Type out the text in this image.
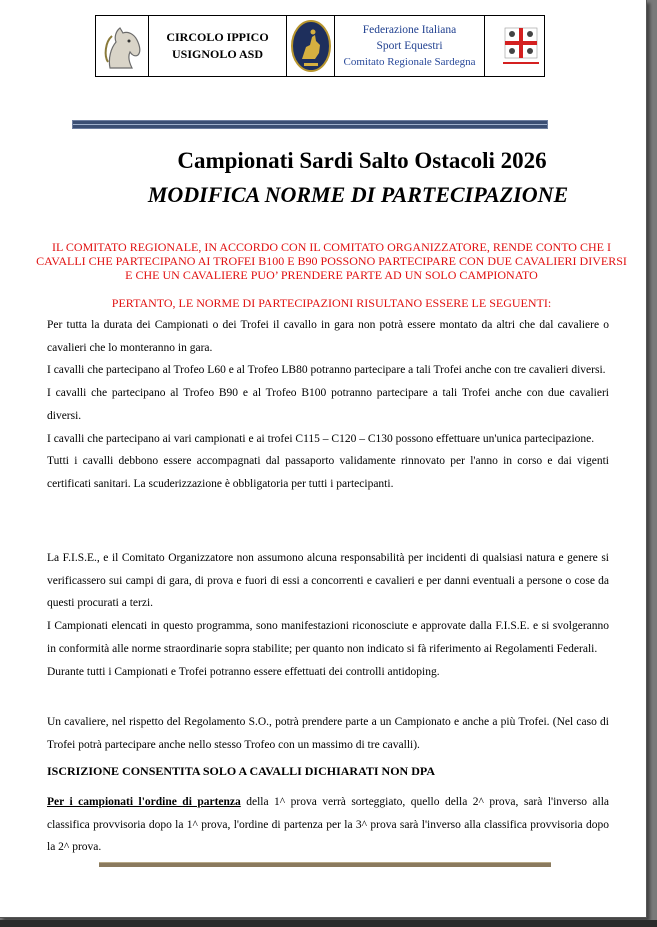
CIRCOLO IPPICO
USIGNOLO ASD
Federazione Italiana
Sport Equestri
Comitato Regionale Sardegna
Campionati Sardi Salto Ostacoli 2026
MODIFICA NORME DI PARTECIPAZIONE
IL COMITATO REGIONALE, IN ACCORDO CON IL COMITATO ORGANIZZATORE, RENDE CONTO CHE I CAVALLI CHE PARTECIPANO AI TROFEI B100 E B90 POSSONO PARTECIPARE CON DUE CAVALIERI DIVERSI E CHE UN CAVALIERE PUO’ PRENDERE PARTE AD UN SOLO CAMPIONATO
PERTANTO, LE NORME DI PARTECIPAZIONI RISULTANO ESSERE LE SEGUENTI:

Per tutta la durata dei Campionati o dei Trofei il cavallo in gara non potrà essere montato da altri che dal cavaliere o cavalieri che lo monteranno in gara.

I cavalli che partecipano al Trofeo L60 e al Trofeo LB80 potranno partecipare a tali Trofei anche con tre cavalieri diversi.

I cavalli che partecipano al Trofeo B90 e al Trofeo B100 potranno partecipare a tali Trofei anche con due cavalieri diversi.

I cavalli che partecipano ai vari campionati e ai trofei C115 – C120 – C130 possono effettuare un'unica partecipazione.

Tutti i cavalli debbono essere accompagnati dal passaporto validamente rinnovato per l'anno in corso e dai vigenti certificati sanitari. La scuderizzazione è obbligatoria per tutti i partecipanti.

La F.I.S.E., e il Comitato Organizzatore non assumono alcuna responsabilità per incidenti di qualsiasi natura e genere si verificassero sui campi di gara, di prova e fuori di essi a concorrenti e cavalieri e per danni eventuali a persone o cose da questi procurati a terzi.

I Campionati elencati in questo programma, sono manifestazioni riconosciute e approvate dalla F.I.S.E. e si svolgeranno in conformità alle norme straordinarie sopra stabilite; per quanto non indicato si fà riferimento ai Regolamenti Federali.

Durante tutti i Campionati e Trofei potranno essere effettuati dei controlli antidoping.

Un cavaliere, nel rispetto del Regolamento S.O., potrà prendere parte a un Campionato e anche a più Trofei. (Nel caso di Trofei potrà partecipare anche nello stesso Trofeo con un massimo di tre cavalli).
ISCRIZIONE CONSENTITA SOLO A CAVALLI DICHIARATI NON DPA
Per i campionati l'ordine di partenza della 1^ prova verrà sorteggiato, quello della 2^ prova, sarà l'inverso alla classifica provvisoria dopo la 1^ prova, l'ordine di partenza per la 3^ prova sarà l'inverso alla classifica provvisoria dopo la 2^ prova.
